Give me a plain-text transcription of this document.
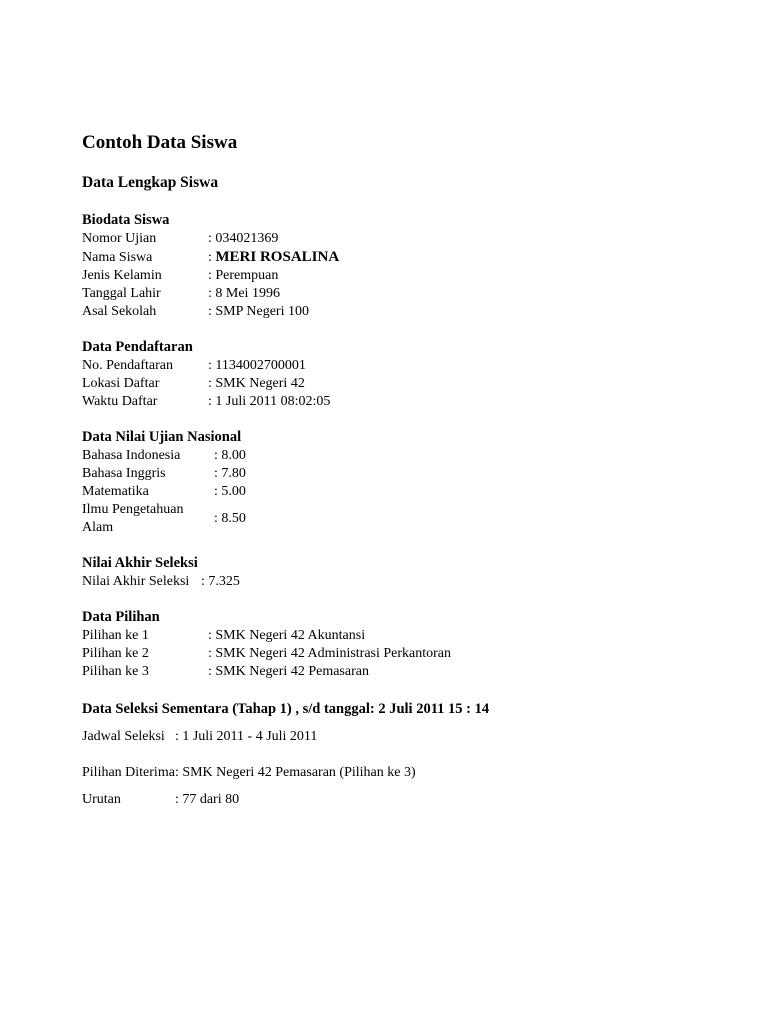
Contoh Data Siswa
Data Lengkap Siswa
Biodata Siswa
Nomor Ujian	: 034021369
Nama Siswa	: MERI ROSALINA
Jenis Kelamin	: Perempuan
Tanggal Lahir	: 8 Mei 1996
Asal Sekolah	: SMP Negeri 100
Data Pendaftaran
No. Pendaftaran	: 1134002700001
Lokasi Daftar	: SMK Negeri 42
Waktu Daftar	: 1 Juli 2011 08:02:05
Data Nilai Ujian Nasional
Bahasa Indonesia	: 8.00
Bahasa Inggris	: 7.80
Matematika	: 5.00
Ilmu Pengetahuan Alam	: 8.50
Nilai Akhir Seleksi
Nilai Akhir Seleksi	: 7.325
Data Pilihan
Pilihan ke 1	: SMK Negeri 42 Akuntansi
Pilihan ke 2	: SMK Negeri 42 Administrasi Perkantoran
Pilihan ke 3	: SMK Negeri 42 Pemasaran
Data Seleksi Sementara (Tahap 1) , s/d tanggal: 2 Juli 2011 15 : 14
Jadwal Seleksi	: 1 Juli 2011 - 4 Juli 2011
Pilihan Diterima	: SMK Negeri 42 Pemasaran (Pilihan ke 3)
Urutan	: 77 dari 80
